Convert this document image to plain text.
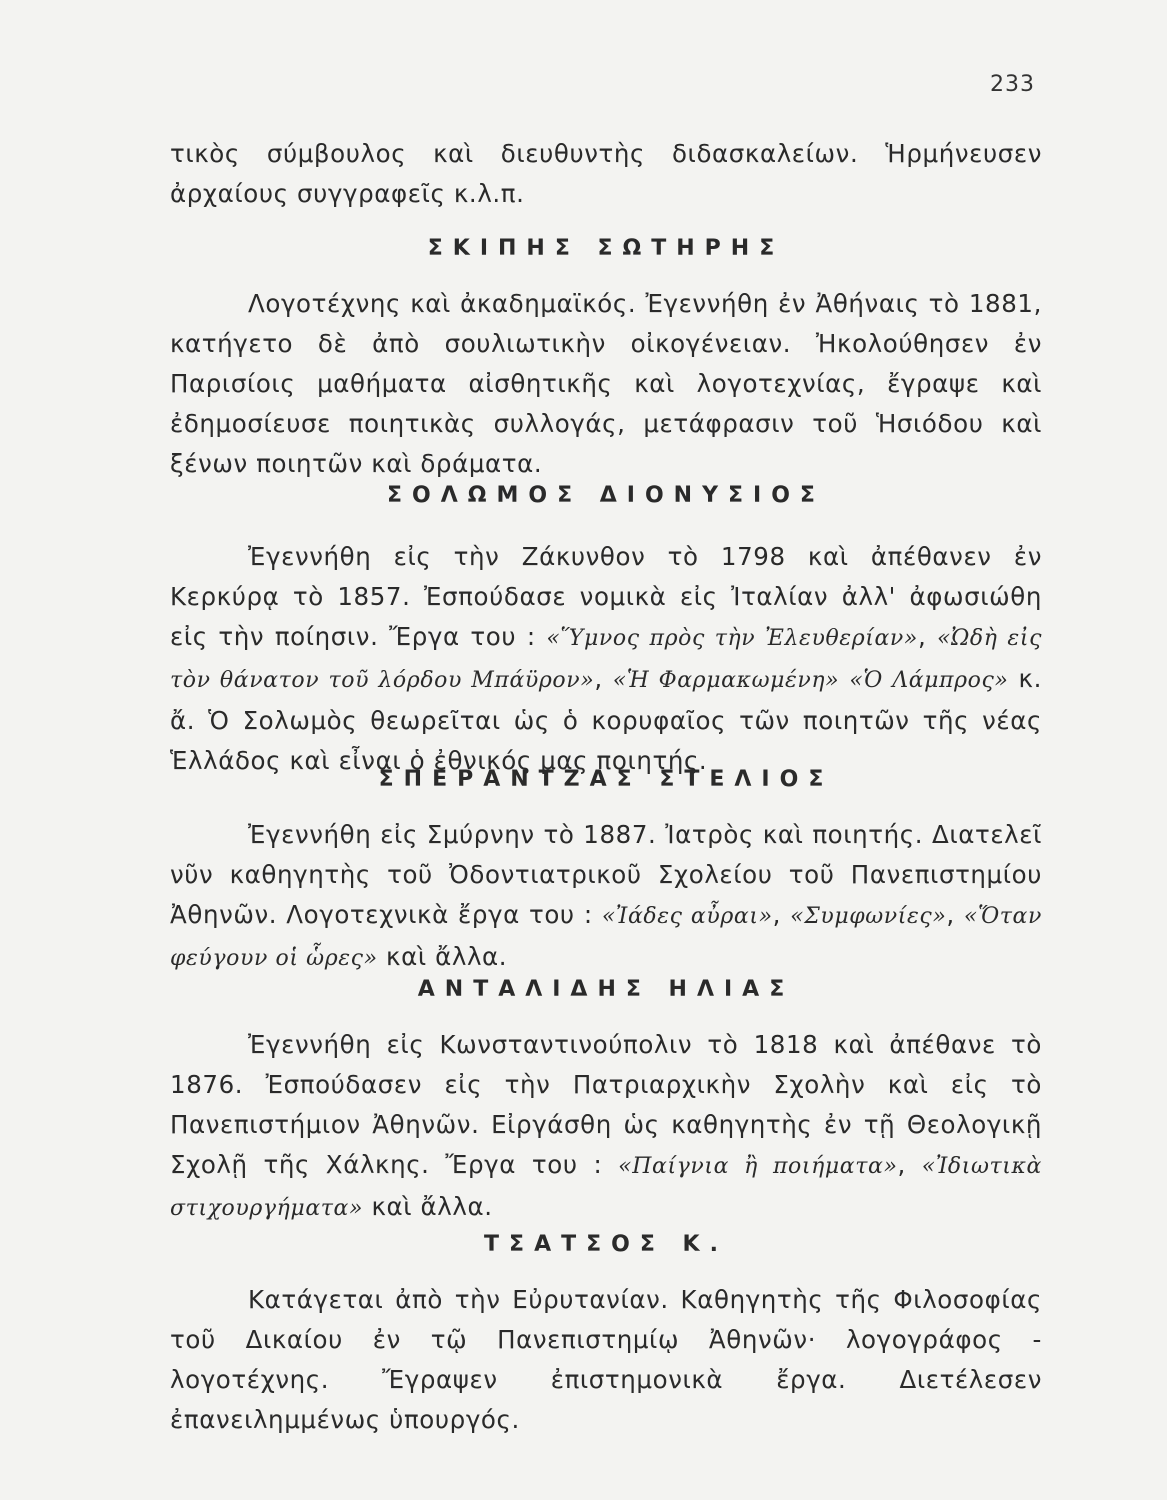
233

τικὸς σύμβουλος καὶ διευθυντὴς διδασκαλείων. Ἡρμήνευσεν ἀρχαίους συγγραφεῖς κ.λ.π.

ΣΚΙΠΗΣ ΣΩΤΗΡΗΣ

Λογοτέχνης καὶ ἀκαδημαϊκός. Ἐγεννήθη ἐν Ἀθήναις τὸ 1881, κατήγετο δὲ ἀπὸ σουλιωτικὴν οἰκογένειαν. Ἠκολούθησεν ἐν Παρισίοις μαθήματα αἰσθητικῆς καὶ λογοτεχνίας, ἔγραψε καὶ ἐδημοσίευσε ποιητικὰς συλλογάς, μετάφρασιν τοῦ Ἡσιόδου καὶ ξένων ποιητῶν καὶ δράματα.

ΣΟΛΩΜΟΣ ΔΙΟΝΥΣΙΟΣ

Ἐγεννήθη εἰς τὴν Ζάκυνθον τὸ 1798 καὶ ἀπέθανεν ἐν Κερκύρᾳ τὸ 1857. Ἐσπούδασε νομικὰ εἰς Ἰταλίαν ἀλλ' ἀφωσιώθη εἰς τὴν ποίησιν. Ἔργα του : «Ὕμνος πρὸς τὴν Ἐλευθερίαν», «Ὠδὴ εἰς τὸν θάνατον τοῦ λόρδου Μπάϋρον», «Ἡ Φαρμακωμένη» «Ὁ Λάμπρος» κ. ἄ. Ὁ Σολωμὸς θεωρεῖται ὡς ὁ κορυφαῖος τῶν ποιητῶν τῆς νέας Ἑλλάδος καὶ εἶναι ὁ ἐθνικός μας ποιητής.

ΣΠΕΡΑΝΤΖΑΣ ΣΤΕΛΙΟΣ

Ἐγεννήθη εἰς Σμύρνην τὸ 1887. Ἰατρὸς καὶ ποιητής. Διατελεῖ νῦν καθηγητὴς τοῦ Ὀδοντιατρικοῦ Σχολείου τοῦ Πανεπιστημίου Ἀθηνῶν. Λογοτεχνικὰ ἔργα του : «Ἰάδες αὖραι», «Συμφωνίες», «Ὅταν φεύγουν οἱ ὧρες» καὶ ἄλλα.

ΑΝΤΑΛΙΔΗΣ ΗΛΙΑΣ

Ἐγεννήθη εἰς Κωνσταντινούπολιν τὸ 1818 καὶ ἀπέθανε τὸ 1876. Ἐσπούδασεν εἰς τὴν Πατριαρχικὴν Σχολὴν καὶ εἰς τὸ Πανεπιστήμιον Ἀθηνῶν. Εἰργάσθη ὡς καθηγητὴς ἐν τῇ Θεολογικῇ Σχολῇ τῆς Χάλκης. Ἔργα του : «Παίγνια ἢ ποιήματα», «Ἰδιωτικὰ στιχουργήματα» καὶ ἄλλα.

ΤΣΑΤΣΟΣ Κ.

Κατάγεται ἀπὸ τὴν Εὐρυτανίαν. Καθηγητὴς τῆς Φιλοσοφίας τοῦ Δικαίου ἐν τῷ Πανεπιστημίῳ Ἀθηνῶν· λογογράφος - λογοτέχνης. Ἔγραψεν ἐπιστημονικὰ ἔργα. Διετέλεσεν ἐπανειλημμένως ὑπουργός.
